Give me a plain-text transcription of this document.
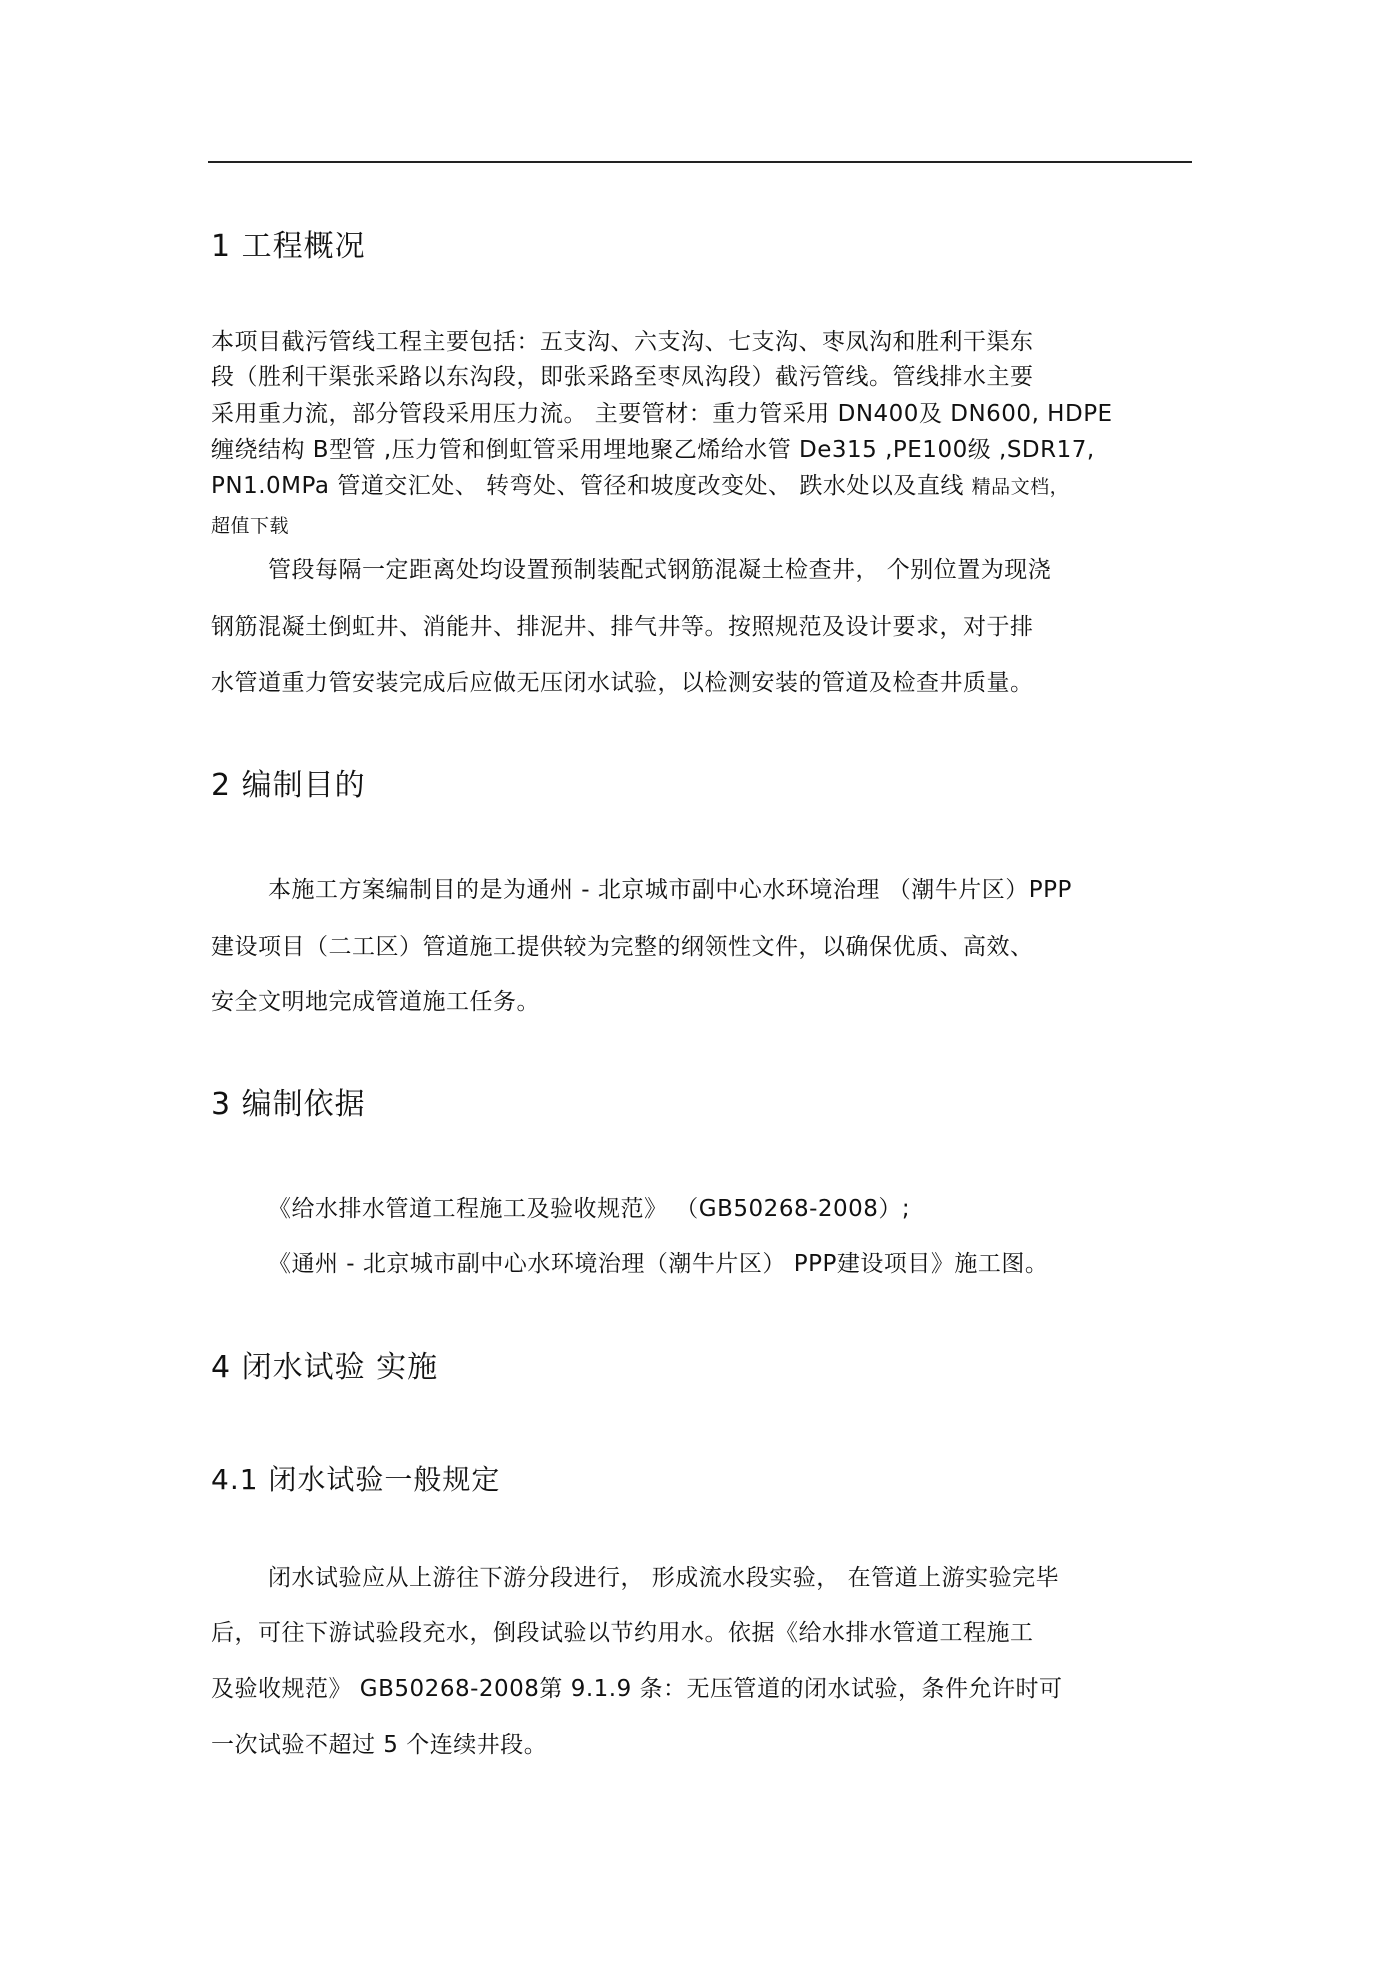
1 工程概况
本项目截污管线工程主要包括：五支沟、六支沟、七支沟、枣凤沟和胜利干渠东
段（胜利干渠张采路以东沟段，即张采路至枣凤沟段）截污管线。管线排水主要
采用重力流，部分管段采用压力流。 主要管材：重力管采用 DN400及 DN600, HDPE
缠绕结构 B型管 ,压力管和倒虹管采用埋地聚乙烯给水管 De315 ,PE100级 ,SDR17,
PN1.0MPa 管道交汇处、 转弯处、管径和坡度改变处、 跌水处以及直线 精品文档，
超值下载
管段每隔一定距离处均设置预制装配式钢筋混凝土检查井， 个别位置为现浇
钢筋混凝土倒虹井、消能井、排泥井、排气井等。按照规范及设计要求，对于排
水管道重力管安装完成后应做无压闭水试验，以检测安装的管道及检查井质量。
2 编制目的
本施工方案编制目的是为通州 - 北京城市副中心水环境治理 （潮牛片区）PPP
建设项目（二工区）管道施工提供较为完整的纲领性文件，以确保优质、高效、
安全文明地完成管道施工任务。
3 编制依据
《给水排水管道工程施工及验收规范》 （GB50268-2008）;
《通州 - 北京城市副中心水环境治理（潮牛片区） PPP建设项目》施工图。
4 闭水试验 实施
4.1 闭水试验一般规定
闭水试验应从上游往下游分段进行， 形成流水段实验， 在管道上游实验完毕
后，可往下游试验段充水，倒段试验以节约用水。依据《给水排水管道工程施工
及验收规范》 GB50268-2008第 9.1.9 条：无压管道的闭水试验，条件允许时可
一次试验不超过 5 个连续井段。
